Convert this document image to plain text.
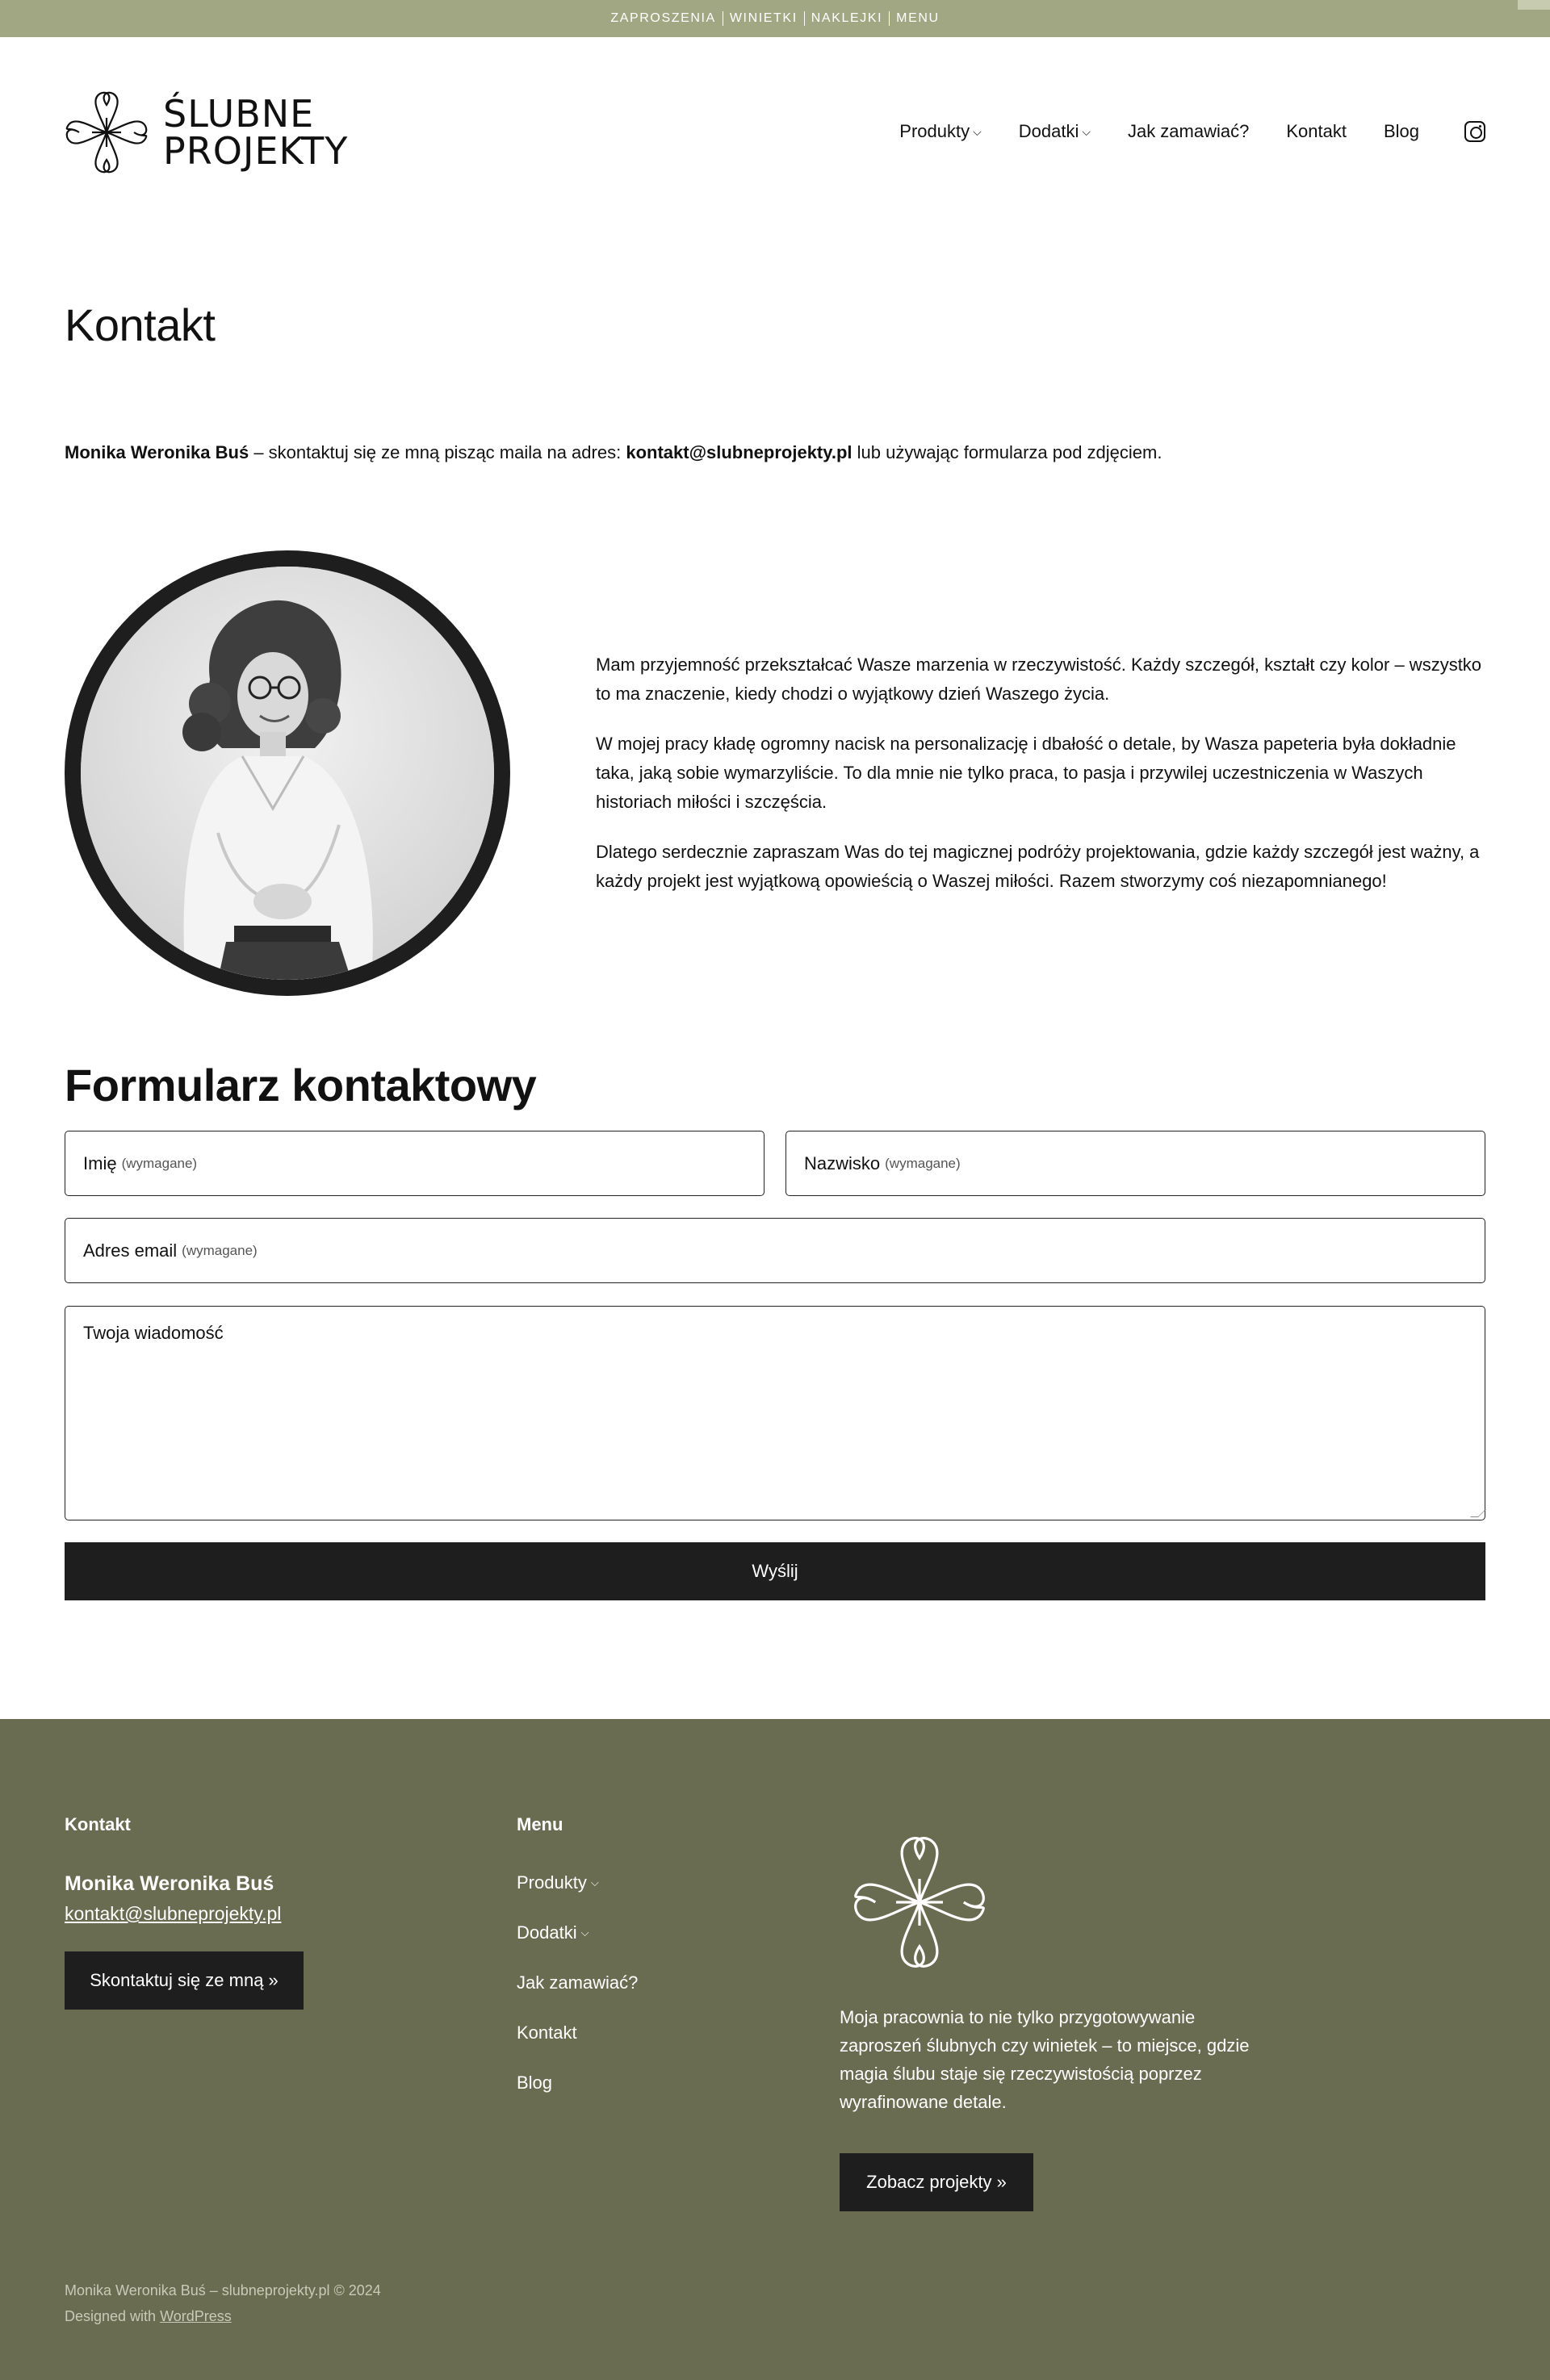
ZAPROSZENIA WINIETKI NAKLEJKI MENU
ŚLUBNE
PROJEKTY	Produkty ⌵ Dodatki ⌵ Jak zamawiać? Kontakt Blog
Kontakt

Monika Weronika Buś – skontaktuj się ze mną pisząc maila na adres: kontakt@slubneprojekty.pl lub używając formularza pod zdjęciem.

Mam przyjemność przekształcać Wasze marzenia w rzeczywistość. Każdy szczegół, kształt czy kolor – wszystko to ma znaczenie, kiedy chodzi o wyjątkowy dzień Waszego życia.

W mojej pracy kładę ogromny nacisk na personalizację i dbałość o detale, by Wasza papeteria była dokładnie taka, jaką sobie wymarzyliście. To dla mnie nie tylko praca, to pasja i przywilej uczestniczenia w Waszych historiach miłości i szczęścia.

Dlatego serdecznie zapraszam Was do tej magicznej podróży projektowania, gdzie każdy szczegół jest ważny, a każdy projekt jest wyjątkową opowieścią o Waszej miłości. Razem stworzymy coś niezapomnianego!

Formularz kontaktowy
Imię (wymagane)	Nazwisko (wymagane)
Adres email (wymagane)
Twoja wiadomość
Wyślij
Kontakt
Monika Weronika Buś
kontakt@slubneprojekty.pl
Skontaktuj się ze mną »
Menu
Produkty ⌵
Dodatki ⌵
Jak zamawiać?
Kontakt
Blog

Moja pracownia to nie tylko przygotowywanie zaproszeń ślubnych czy winietek – to miejsce, gdzie magia ślubu staje się rzeczywistością poprzez wyrafinowane detale.

Zobacz projekty »
Monika Weronika Buś – slubneprojekty.pl © 2024
Designed with WordPress
